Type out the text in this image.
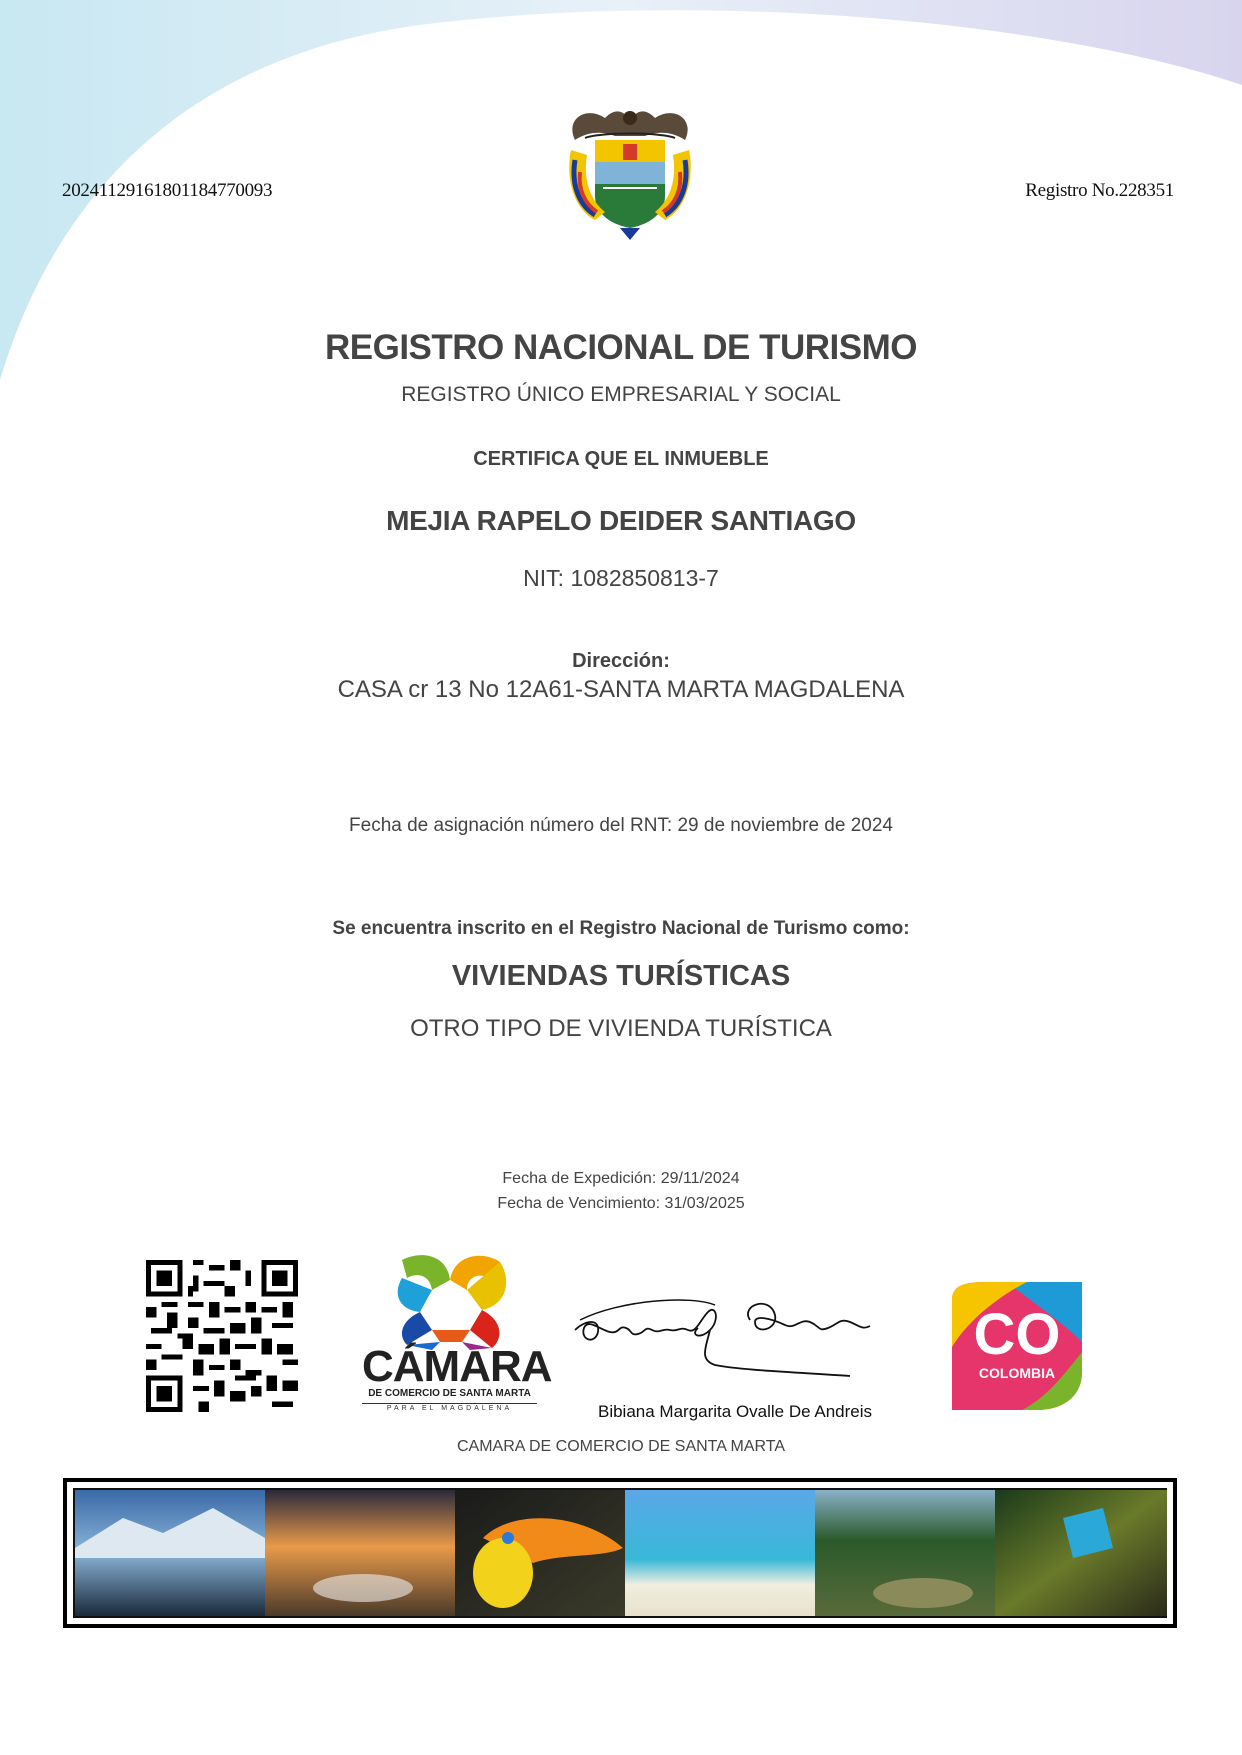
20241129161801184770093	Registro No.228351
REGISTRO NACIONAL DE TURISMO
REGISTRO ÚNICO EMPRESARIAL Y SOCIAL
CERTIFICA QUE EL INMUEBLE
MEJIA RAPELO DEIDER SANTIAGO
NIT: 1082850813-7
Dirección:
CASA cr 13 No 12A61-SANTA MARTA MAGDALENA
Fecha de asignación número del RNT: 29 de noviembre de 2024
Se encuentra inscrito en el Registro Nacional de Turismo como:
VIVIENDAS TURÍSTICAS
OTRO TIPO DE VIVIENDA TURÍSTICA
Fecha de Expedición: 29/11/2024
Fecha de Vencimiento: 31/03/2025
CÁMARA
DE COMERCIO DE SANTA MARTA
PARA EL MAGDALENA	Bibiana Margarita Ovalle De Andreis
CO
COLOMBIA
CAMARA DE COMERCIO DE SANTA MARTA
